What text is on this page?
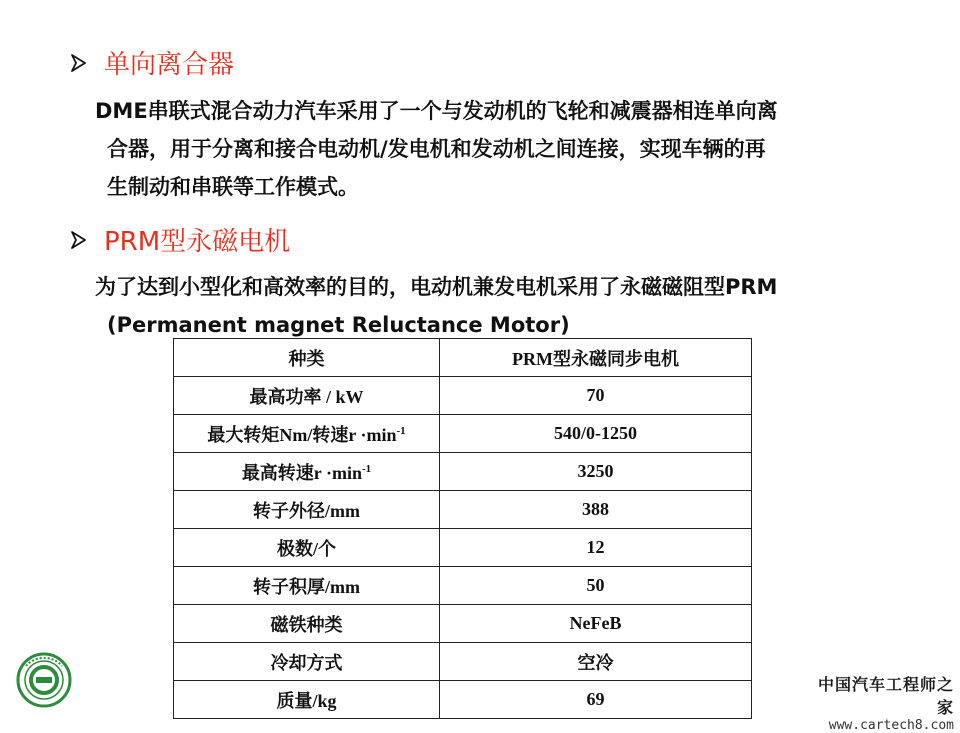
单向离合器
DME串联式混合动力汽车采用了一个与发动机的飞轮和减震器相连单向离
合器，用于分离和接合电动机/发电机和发动机之间连接，实现车辆的再
生制动和串联等工作模式。
PRM型永磁电机
为了达到小型化和高效率的目的，电动机兼发电机采用了永磁磁阻型PRM
(Permanent magnet Reluctance Motor)
种类	PRM型永磁同步电机
最高功率 / kW	70
最大转矩Nm/转速$r \cdot\min^{-1}$	540/0-1250
最高转速$r \cdot\min^{-1}$	3250
转子外径/mm	388
极数/个	12
转子积厚/mm	50
磁铁种类	NeFeB
冷却方式	空冷
质量/kg	69
中国汽车工程师之家
www.cartech8.com
